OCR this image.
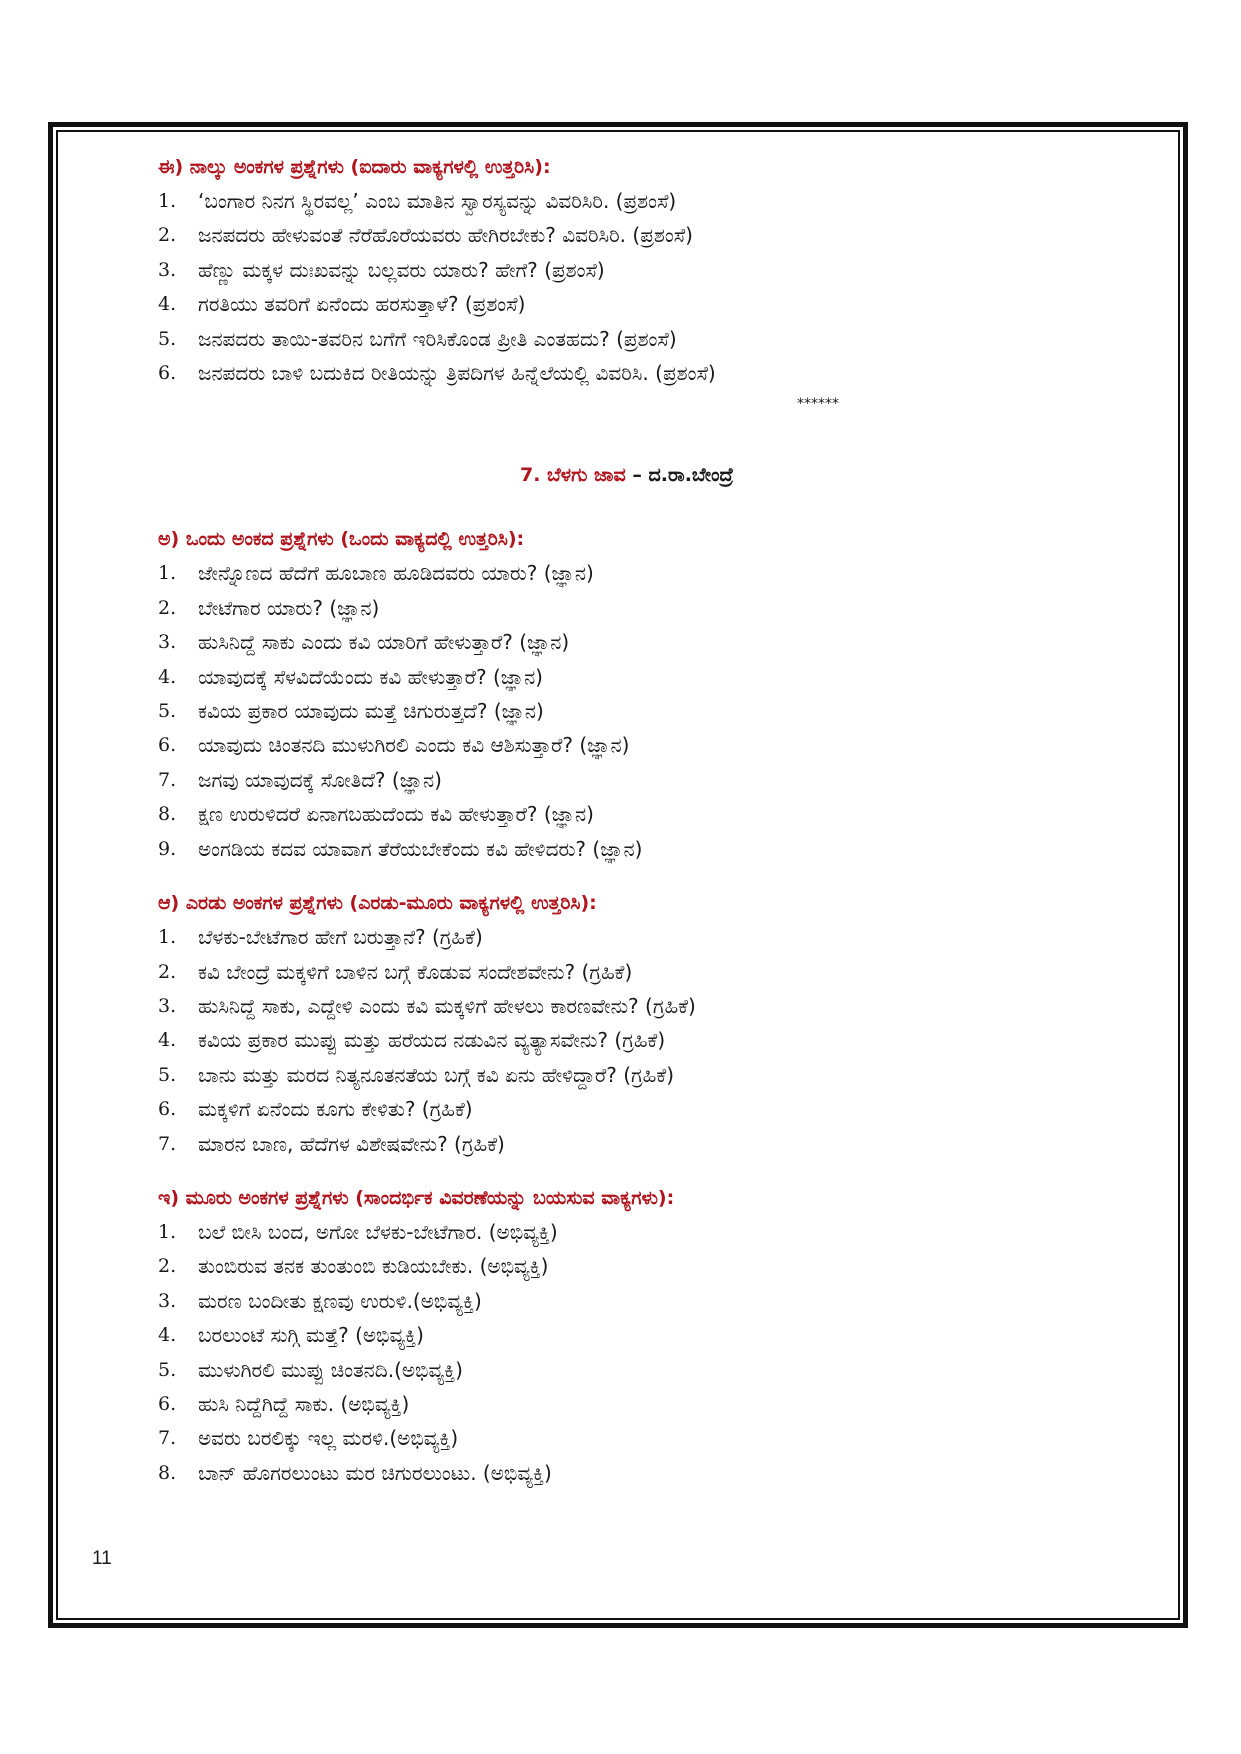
ಈ) ನಾಲ್ಕು ಅಂಕಗಳ ಪ್ರಶ್ನೆಗಳು (ಐದಾರು ವಾಕ್ಯಗಳಲ್ಲಿ ಉತ್ತರಿಸಿ):
1.	‘ಬಂಗಾರ ನಿನಗ ಸ್ಥಿರವಲ್ಲ’ ಎಂಬ ಮಾತಿನ ಸ್ವಾರಸ್ಯವನ್ನು ವಿವರಿಸಿರಿ. (ಪ್ರಶಂಸೆ)
2.	ಜನಪದರು ಹೇಳುವಂತೆ ನೆರೆಹೊರೆಯವರು ಹೇಗಿರಬೇಕು? ವಿವರಿಸಿರಿ. (ಪ್ರಶಂಸೆ)
3.	ಹೆಣ್ಣು ಮಕ್ಕಳ ದುಃಖವನ್ನು ಬಲ್ಲವರು ಯಾರು? ಹೇಗೆ? (ಪ್ರಶಂಸೆ)
4.	ಗರತಿಯು ತವರಿಗೆ ಏನೆಂದು ಹರಸುತ್ತಾಳೆ? (ಪ್ರಶಂಸೆ)
5.	ಜನಪದರು ತಾಯಿ-ತವರಿನ ಬಗೆಗೆ ಇರಿಸಿಕೊಂಡ ಪ್ರೀತಿ ಎಂತಹದು? (ಪ್ರಶಂಸೆ)
6.	ಜನಪದರು ಬಾಳಿ ಬದುಕಿದ ರೀತಿಯನ್ನು ತ್ರಿಪದಿಗಳ ಹಿನ್ನೆಲೆಯಲ್ಲಿ ವಿವರಿಸಿ. (ಪ್ರಶಂಸೆ)
******
7. ಬೆಳಗು ಜಾವ – ದ.ರಾ.ಬೇಂದ್ರೆ
ಅ) ಒಂದು ಅಂಕದ ಪ್ರಶ್ನೆಗಳು (ಒಂದು ವಾಕ್ಯದಲ್ಲಿ ಉತ್ತರಿಸಿ):
1.	ಜೇನ್ನೊಣದ ಹೆದೆಗೆ ಹೂಬಾಣ ಹೂಡಿದವರು ಯಾರು? (ಜ್ಞಾನ)
2.	ಬೇಟೆಗಾರ ಯಾರು? (ಜ್ಞಾನ)
3.	ಹುಸಿನಿದ್ದೆ ಸಾಕು ಎಂದು ಕವಿ ಯಾರಿಗೆ ಹೇಳುತ್ತಾರೆ? (ಜ್ಞಾನ)
4.	ಯಾವುದಕ್ಕೆ ಸೆಳವಿದೆಯೆಂದು ಕವಿ ಹೇಳುತ್ತಾರೆ? (ಜ್ಞಾನ)
5.	ಕವಿಯ ಪ್ರಕಾರ ಯಾವುದು ಮತ್ತೆ ಚಿಗುರುತ್ತದೆ? (ಜ್ಞಾನ)
6.	ಯಾವುದು ಚಿಂತನದಿ ಮುಳುಗಿರಲಿ ಎಂದು ಕವಿ ಆಶಿಸುತ್ತಾರೆ? (ಜ್ಞಾನ)
7.	ಜಗವು ಯಾವುದಕ್ಕೆ ಸೋತಿದೆ? (ಜ್ಞಾನ)
8.	ಕ್ಷಣ ಉರುಳಿದರೆ ಏನಾಗಬಹುದೆಂದು ಕವಿ ಹೇಳುತ್ತಾರೆ? (ಜ್ಞಾನ)
9.	ಅಂಗಡಿಯ ಕದವ ಯಾವಾಗ ತೆರೆಯಬೇಕೆಂದು ಕವಿ ಹೇಳಿದರು? (ಜ್ಞಾನ)
ಆ) ಎರಡು ಅಂಕಗಳ ಪ್ರಶ್ನೆಗಳು (ಎರಡು-ಮೂರು ವಾಕ್ಯಗಳಲ್ಲಿ ಉತ್ತರಿಸಿ):
1.	ಬೆಳಕು-ಬೇಟೆಗಾರ ಹೇಗೆ ಬರುತ್ತಾನೆ? (ಗ್ರಹಿಕೆ)
2.	ಕವಿ ಬೇಂದ್ರೆ ಮಕ್ಕಳಿಗೆ ಬಾಳಿನ ಬಗ್ಗೆ ಕೊಡುವ ಸಂದೇಶವೇನು? (ಗ್ರಹಿಕೆ)
3.	ಹುಸಿನಿದ್ದೆ ಸಾಕು, ಎದ್ದೇಳಿ ಎಂದು ಕವಿ ಮಕ್ಕಳಿಗೆ ಹೇಳಲು ಕಾರಣವೇನು? (ಗ್ರಹಿಕೆ)
4.	ಕವಿಯ ಪ್ರಕಾರ ಮುಪ್ಪು ಮತ್ತು ಹರೆಯದ ನಡುವಿನ ವ್ಯತ್ಯಾಸವೇನು? (ಗ್ರಹಿಕೆ)
5.	ಬಾನು ಮತ್ತು ಮರದ ನಿತ್ಯನೂತನತೆಯ ಬಗ್ಗೆ ಕವಿ ಏನು ಹೇಳಿದ್ದಾರೆ? (ಗ್ರಹಿಕೆ)
6.	ಮಕ್ಕಳಿಗೆ ಏನೆಂದು ಕೂಗು ಕೇಳಿತು? (ಗ್ರಹಿಕೆ)
7.	ಮಾರನ ಬಾಣ, ಹೆದೆಗಳ ವಿಶೇಷವೇನು? (ಗ್ರಹಿಕೆ)
ಇ) ಮೂರು ಅಂಕಗಳ ಪ್ರಶ್ನೆಗಳು (ಸಾಂದರ್ಭಿಕ ವಿವರಣೆಯನ್ನು ಬಯಸುವ ವಾಕ್ಯಗಳು):
1.	ಬಲೆ ಬೀಸಿ ಬಂದ, ಅಗೋ ಬೆಳಕು-ಬೇಟೆಗಾರ. (ಅಭಿವ್ಯಕ್ತಿ)
2.	ತುಂಬಿರುವ ತನಕ ತುಂತುಂಬಿ ಕುಡಿಯಬೇಕು. (ಅಭಿವ್ಯಕ್ತಿ)
3.	ಮರಣ ಬಂದೀತು ಕ್ಷಣವು ಉರುಳಿ.(ಅಭಿವ್ಯಕ್ತಿ)
4.	ಬರಲುಂಟೆ ಸುಗ್ಗಿ ಮತ್ತೆ? (ಅಭಿವ್ಯಕ್ತಿ)
5.	ಮುಳುಗಿರಲಿ ಮುಪ್ಪು ಚಿಂತನದಿ.(ಅಭಿವ್ಯಕ್ತಿ)
6.	ಹುಸಿ ನಿದ್ದೆಗಿದ್ದೆ ಸಾಕು. (ಅಭಿವ್ಯಕ್ತಿ)
7.	ಅವರು ಬರಲಿಕ್ಕು ಇಲ್ಲ ಮರಳಿ.(ಅಭಿವ್ಯಕ್ತಿ)
8.	ಬಾನ್ ಹೊಗರಲುಂಟು ಮರ ಚಿಗುರಲುಂಟು. (ಅಭಿವ್ಯಕ್ತಿ)
11
